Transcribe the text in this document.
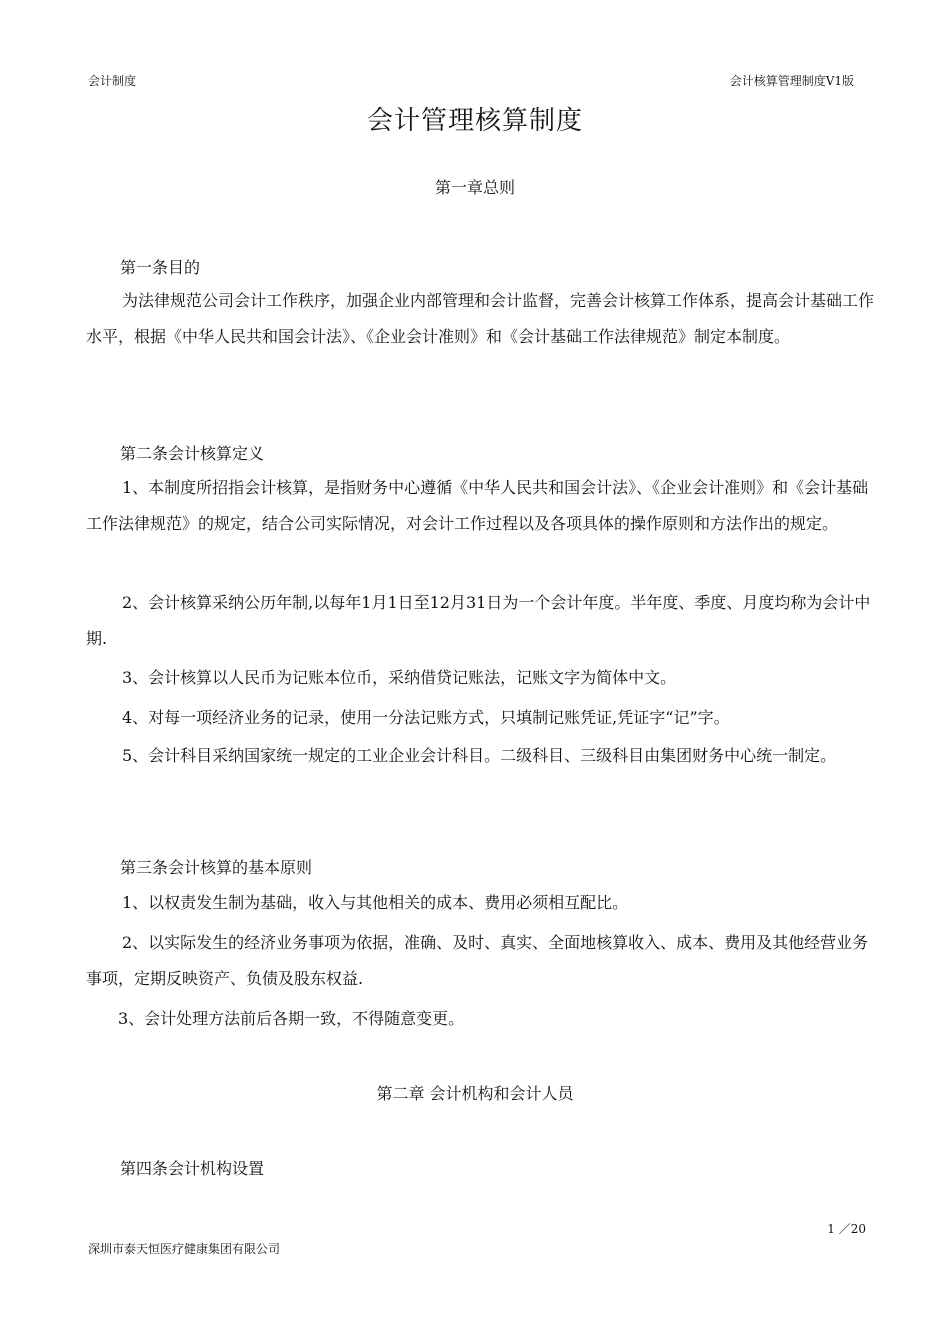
会计制度	会计核算管理制度V1版
会计管理核算制度
第一章总则
第一条目的

为法律规范公司会计工作秩序，加强企业内部管理和会计监督，完善会计核算工作体系，提高会计基础工作水平，根据《中华人民共和国会计法》、《企业会计准则》和《会计基础工作法律规范》制定本制度。

第二条会计核算定义

1、本制度所招指会计核算，是指财务中心遵循《中华人民共和国会计法》、《企业会计准则》和《会计基础工作法律规范》的规定，结合公司实际情况，对会计工作过程以及各项具体的操作原则和方法作出的规定。

2、会计核算采纳公历年制,以每年1月1日至12月31日为一个会计年度。半年度、季度、月度均称为会计中期.

3、会计核算以人民币为记账本位币，采纳借贷记账法，记账文字为简体中文。

4、对每一项经济业务的记录，使用一分法记账方式，只填制记账凭证,凭证字“记”字。

5、会计科目采纳国家统一规定的工业企业会计科目。二级科目、三级科目由集团财务中心统一制定。

第三条会计核算的基本原则

1、以权责发生制为基础，收入与其他相关的成本、费用必须相互配比。

2、以实际发生的经济业务事项为依据，准确、及时、真实、全面地核算收入、成本、费用及其他经营业务事项，定期反映资产、负债及股东权益.

3、会计处理方法前后各期一致，不得随意变更。

第二章 会计机构和会计人员
第四条会计机构设置
1 ／20
深圳市泰天恒医疗健康集团有限公司
